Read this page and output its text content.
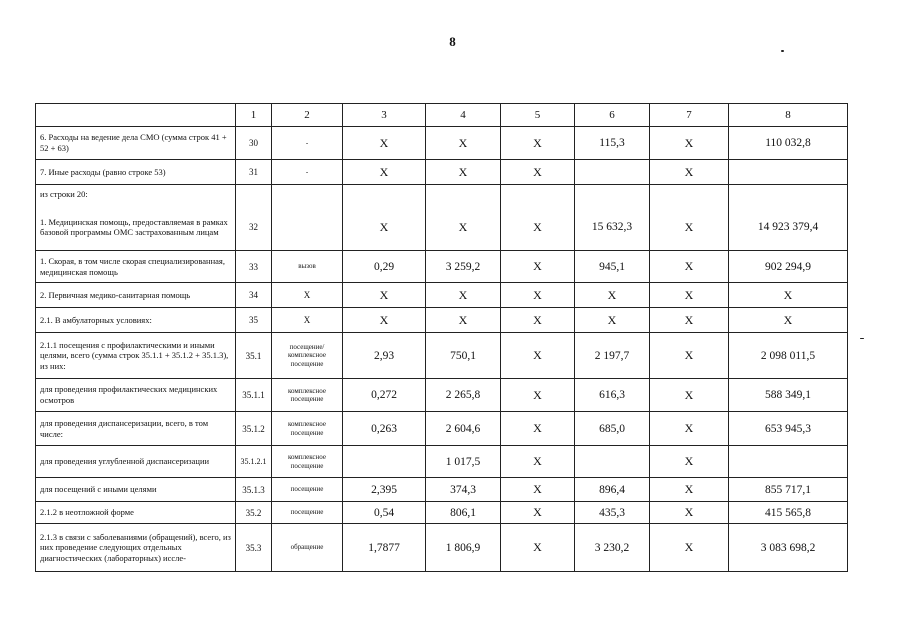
8
	1	2	3	4	5	6	7	8	
6. Расходы на ведение дела СМО (сумма строк 41 + 52 + 63)	30	-	Х	Х	Х	115,3	Х	110 032,8	
7. Иные расходы (равно строке 53)	31	-	Х	Х	Х		Х		
из строки 20:									
1. Медицинская помощь, предоставляемая в рамках базовой программы ОМС застрахованным лицам	32		Х	Х	Х	15 632,3	Х	14 923 379,4	
1. Скорая, в том числе скорая специализированная, медицинская помощь	33	вызов	0,29	3 259,2	Х	945,1	Х	902 294,9	
2. Первичная медико-санитарная помощь	34	Х	Х	Х	Х	Х	Х	Х	
2.1. В амбулаторных условиях:	35	Х	Х	Х	Х	Х	Х	Х	
2.1.1 посещения с профилактическими и иными целями, всего (сумма строк 35.1.1 + 35.1.2 + 35.1.3), из них:	35.1	посещение/ комплексное посещение	2,93	750,1	Х	2 197,7	Х	2 098 011,5	
для проведения профилактических медицинских осмотров	35.1.1	комплексное посещение	0,272	2 265,8	Х	616,3	Х	588 349,1	
для проведения диспансеризации, всего, в том числе:	35.1.2	комплексное посещение	0,263	2 604,6	Х	685,0	Х	653 945,3	
для проведения углубленной диспансеризации	35.1.2.1	комплексное посещение		1 017,5	Х		Х		
для посещений с иными целями	35.1.3	посещение	2,395	374,3	Х	896,4	Х	855 717,1	
2.1.2 в неотложной форме	35.2	посещение	0,54	806,1	Х	435,3	Х	415 565,8	
2.1.3 в связи с заболеваниями (обращений), всего, из них проведение следующих отдельных диагностических (лабораторных) иссле-	35.3	обращение	1,7877	1 806,9	Х	3 230,2	Х	3 083 698,2	
